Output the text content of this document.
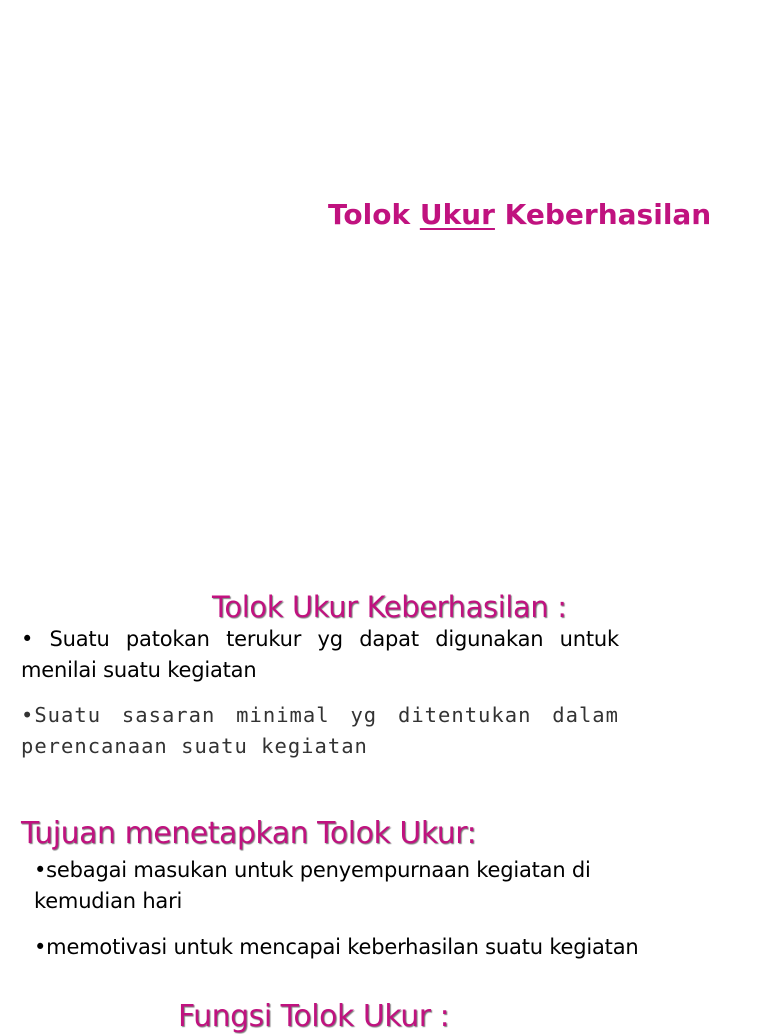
Tolok Ukur Keberhasilan
Tolok Ukur Keberhasilan :
• Suatu patokan terukur yg dapat digunakan untuk menilai suatu kegiatan
•Suatu sasaran minimal yg ditentukan dalam perencanaan suatu kegiatan
Tujuan menetapkan Tolok Ukur:
•sebagai masukan untuk penyempurnaan kegiatan di kemudian hari
•memotivasi untuk mencapai keberhasilan suatu kegiatan
Fungsi Tolok Ukur :
